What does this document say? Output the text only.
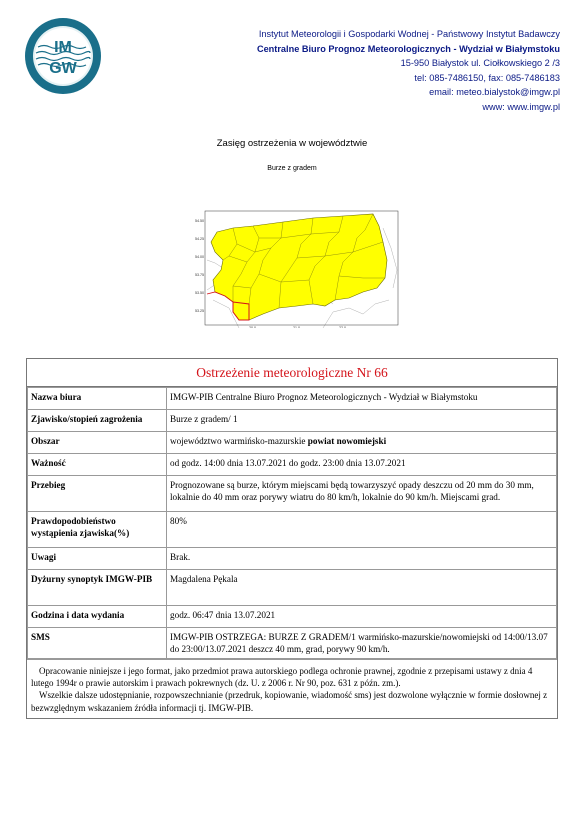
IM
GW
Instytut Meteorologii i Gospodarki Wodnej - Państwowy Instytut Badawczy
Centralne Biuro Prognoz Meteorologicznych - Wydział w Białymstoku
15-950 Białystok ul. Ciołkowskiego 2 /3
tel: 085-7486150, fax: 085-7486183
email: meteo.bialystok@imgw.pl
www: www.imgw.pl
Zasięg ostrzeżenia w województwie
Burze z gradem
54.50
54.25
54.00
53.75
53.50
53.25
20.0	21.0	22.0
Ostrzeżenie meteorologiczne Nr 66
Nazwa biura	IMGW-PIB Centralne Biuro Prognoz Meteorologicznych - Wydział w Białymstoku
Zjawisko/stopień zagrożenia	Burze z gradem/ 1
Obszar	województwo warmińsko-mazurskie powiat nowomiejski
Ważność	od godz. 14:00 dnia 13.07.2021 do godz. 23:00 dnia 13.07.2021
Przebieg	Prognozowane są burze, którym miejscami będą towarzyszyć opady deszczu od 20 mm do 30 mm, lokalnie do 40 mm oraz porywy wiatru do 80 km/h, lokalnie do 90 km/h. Miejscami grad.
Prawdopodobieństwo wystąpienia zjawiska(%)	80%
Uwagi	Brak.
Dyżurny synoptyk IMGW-PIB	Magdalena Pękala
Godzina i data wydania	godz. 06:47 dnia 13.07.2021
SMS	IMGW-PIB OSTRZEGA: BURZE Z GRADEM/1 warmińsko-mazurskie/nowomiejski od 14:00/13.07 do 23:00/13.07.2021 deszcz 40 mm, grad, porywy 90 km/h.

Opracowanie niniejsze i jego format, jako przedmiot prawa autorskiego podlega ochronie prawnej, zgodnie z przepisami ustawy z dnia 4 lutego 1994r o prawie autorskim i prawach pokrewnych (dz. U. z 2006 r. Nr 90, poz. 631 z późn. zm.).

Wszelkie dalsze udostępnianie, rozpowszechnianie (przedruk, kopiowanie, wiadomość sms) jest dozwolone wyłącznie w formie dosłownej z bezwzględnym wskazaniem źródła informacji tj. IMGW-PIB.
